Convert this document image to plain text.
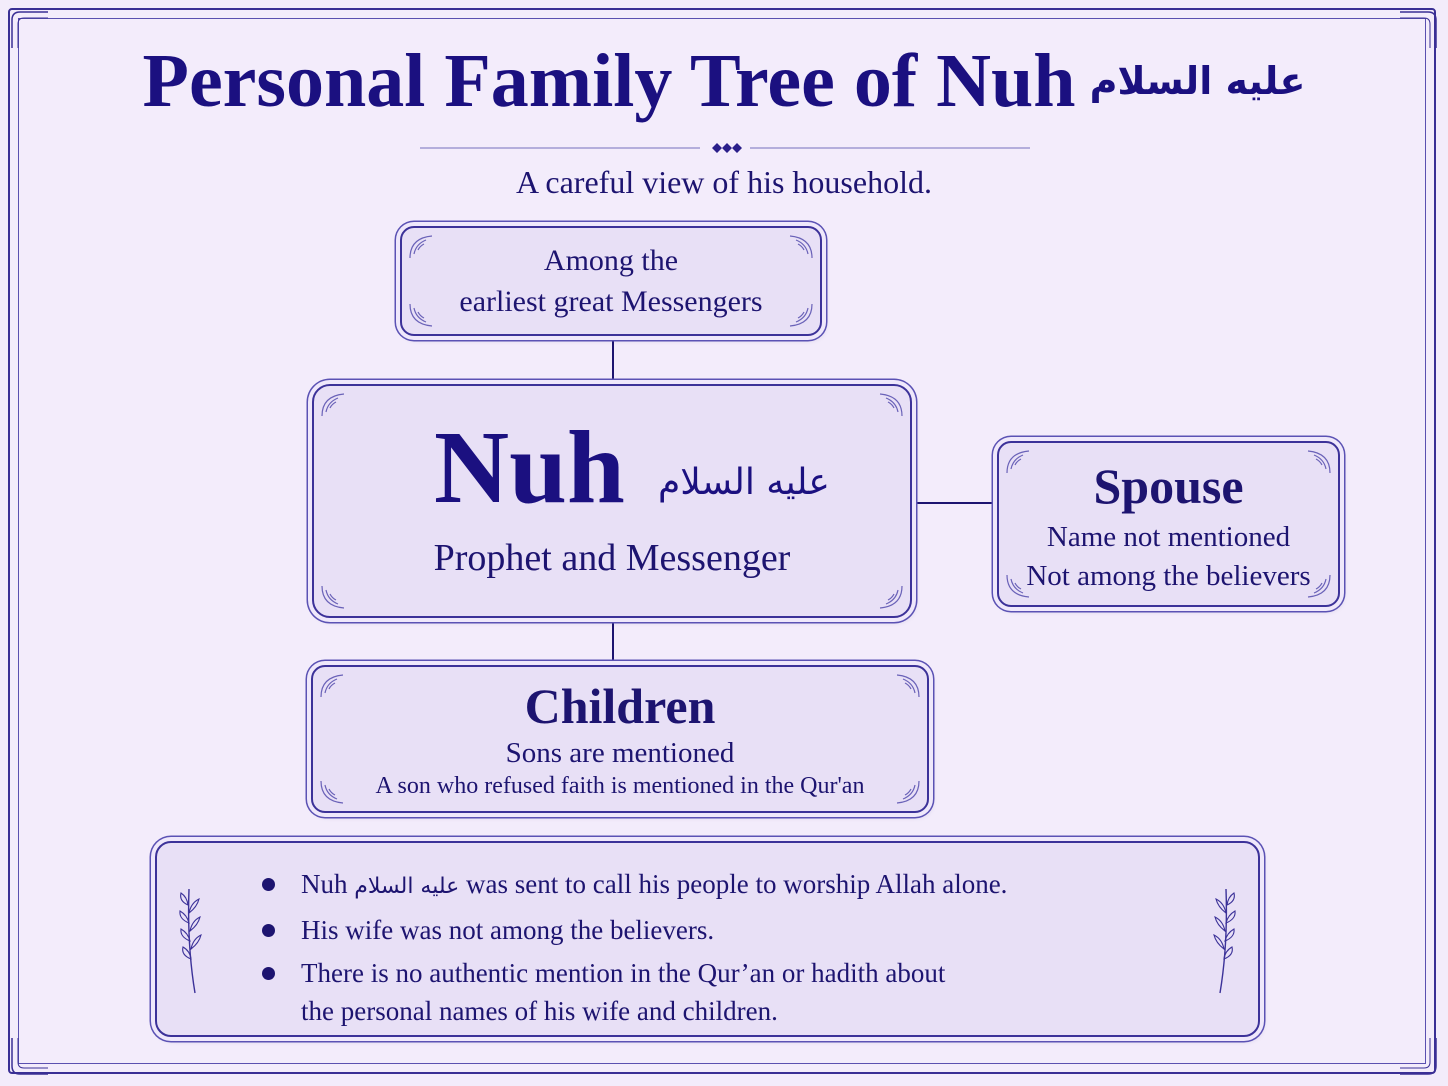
Personal Family Tree of Nuh عليه السلام
A careful view of his household.
Among the
earliest great Messengers
Nuh عليه السلام
Prophet and Messenger
Spouse
Name not mentioned
Not among the believers
Children
Sons are mentioned
A son who refused faith is mentioned in the Qur'an
Nuh عليه السلام was sent to call his people to worship Allah alone.
His wife was not among the believers.
There is no authentic mention in the Qur’an or hadith about
the personal names of his wife and children.
